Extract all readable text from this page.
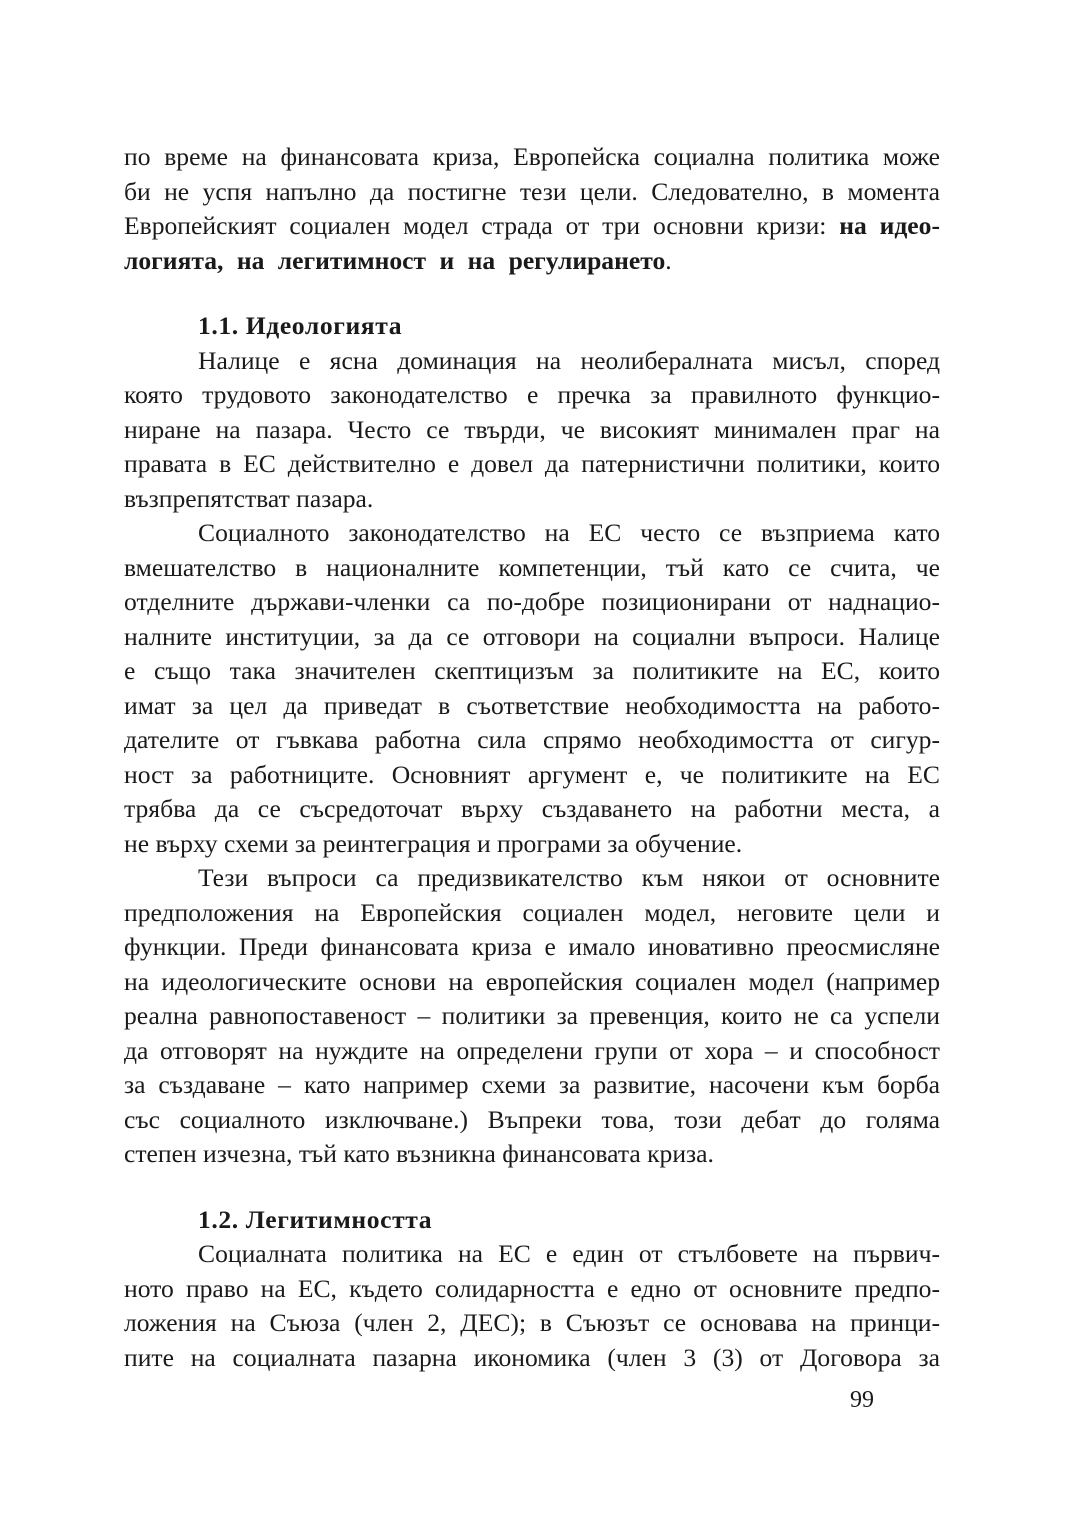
по време на финансовата криза, Европейска социална политика може
би не успя напълно да постигне тези цели. Следователно, в момента
Европейският социален модел страда от три основни кризи: на идео-
логията, на легитимност и на регулирането.
1.1. Идеологията
Налице е ясна доминация на неолибералната мисъл, според
която трудовото законодателство е пречка за правилното функцио-
ниране на пазара. Често се твърди, че високият минимален праг на
правата в ЕС действително е довел да патернистични политики, които
възпрепятстват пазара.
Социалното законодателство на ЕС често се възприема като
вмешателство в националните компетенции, тъй като се счита, че
отделните държави-членки са по-добре позиционирани от наднацио-
налните институции, за да се отговори на социални въпроси. Налице
е също така значителен скептицизъм за политиките на ЕС, които
имат за цел да приведат в съответствие необходимостта на работо-
дателите от гъвкава работна сила спрямо необходимостта от сигур-
ност за работниците. Основният аргумент е, че политиките на ЕС
трябва да се съсредоточат върху създаването на работни места, а
не върху схеми за реинтеграция и програми за обучение.
Тези въпроси са предизвикателство към някои от основните
предположения на Европейския социален модел, неговите цели и
функции. Преди финансовата криза е имало иновативно преосмисляне
на идеологическите основи на европейския социален модел (например
реална равнопоставеност – политики за превенция, които не са успели
да отговорят на нуждите на определени групи от хора – и способност
за създаване – като например схеми за развитие, насочени към борба
със социалното изключване.) Въпреки това, този дебат до голяма
степен изчезна, тъй като възникна финансовата криза.
1.2. Легитимността
Социалната политика на ЕС е един от стълбовете на първич-
ното право на ЕС, където солидарността е едно от основните предпо-
ложения на Съюза (член 2, ДЕС); в Съюзът се основава на принци-
пите на социалната пазарна икономика (член 3 (3) от Договора за
99
